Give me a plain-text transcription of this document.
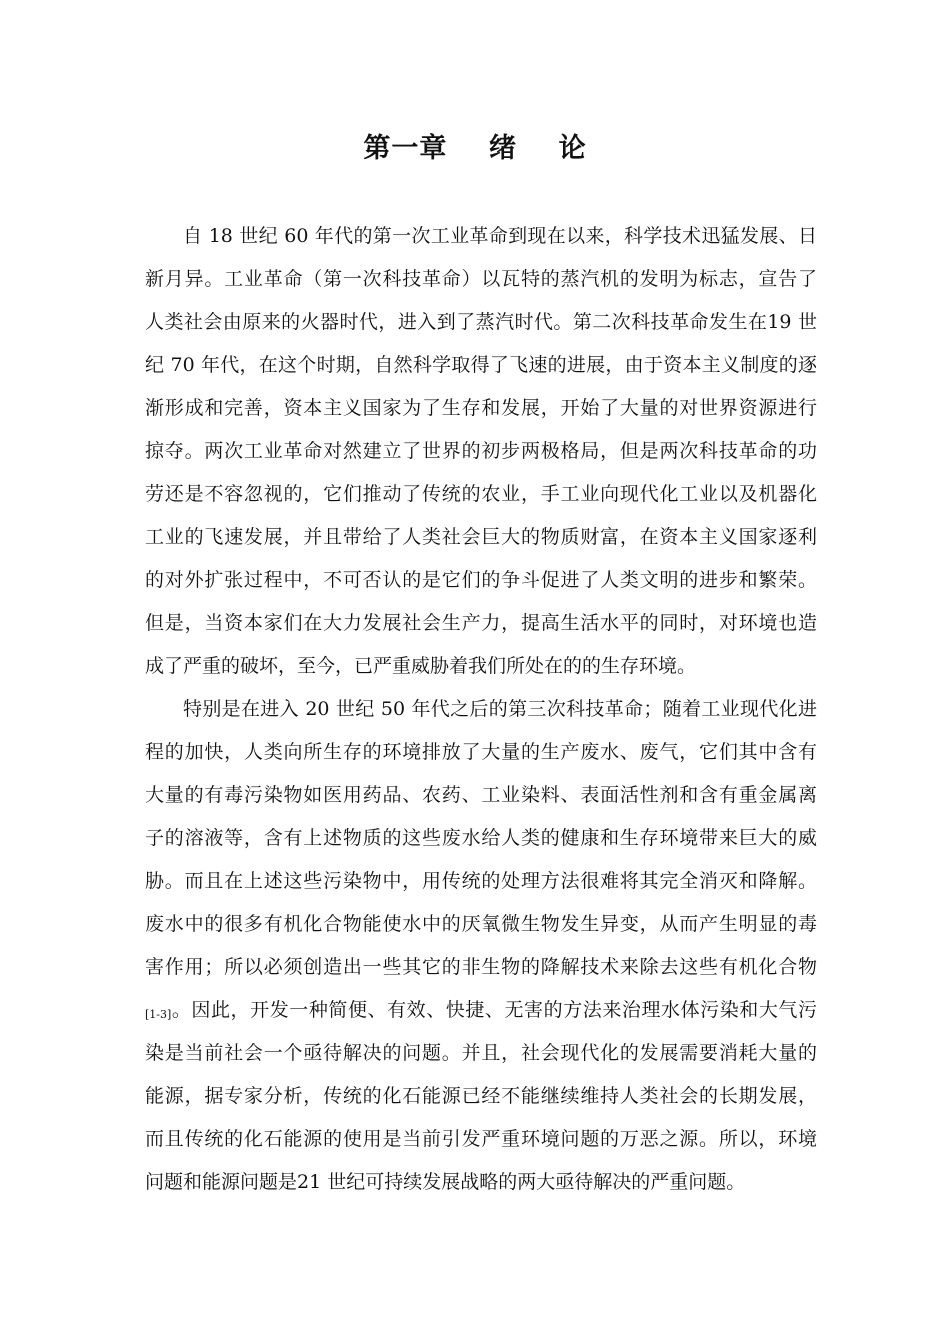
第一章    绪    论
自 18 世纪 60 年代的第一次工业革命到现在以来，科学技术迅猛发展、日
新月异。工业革命（第一次科技革命）以瓦特的蒸汽机的发明为标志，宣告了
人类社会由原来的火器时代，进入到了蒸汽时代。第二次科技革命发生在19 世
纪 70 年代，在这个时期，自然科学取得了飞速的进展，由于资本主义制度的逐
渐形成和完善，资本主义国家为了生存和发展，开始了大量的对世界资源进行
掠夺。两次工业革命对然建立了世界的初步两极格局，但是两次科技革命的功
劳还是不容忽视的，它们推动了传统的农业，手工业向现代化工业以及机器化
工业的飞速发展，并且带给了人类社会巨大的物质财富，在资本主义国家逐利
的对外扩张过程中，不可否认的是它们的争斗促进了人类文明的进步和繁荣。
但是，当资本家们在大力发展社会生产力，提高生活水平的同时，对环境也造
成了严重的破坏，至今，已严重威胁着我们所处在的的生存环境。
特别是在进入 20 世纪 50 年代之后的第三次科技革命；随着工业现代化进
程的加快，人类向所生存的环境排放了大量的生产废水、废气，它们其中含有
大量的有毒污染物如医用药品、农药、工业染料、表面活性剂和含有重金属离
子的溶液等，含有上述物质的这些废水给人类的健康和生存环境带来巨大的威
胁。而且在上述这些污染物中，用传统的处理方法很难将其完全消灭和降解。
废水中的很多有机化合物能使水中的厌氧微生物发生异变，从而产生明显的毒
害作用；所以必须创造出一些其它的非生物的降解技术来除去这些有机化合物
[1-3]。因此，开发一种简便、有效、快捷、无害的方法来治理水体污染和大气污
染是当前社会一个亟待解决的问题。并且，社会现代化的发展需要消耗大量的
能源，据专家分析，传统的化石能源已经不能继续维持人类社会的长期发展，
而且传统的化石能源的使用是当前引发严重环境问题的万恶之源。所以，环境
问题和能源问题是21 世纪可持续发展战略的两大亟待解决的严重问题。
